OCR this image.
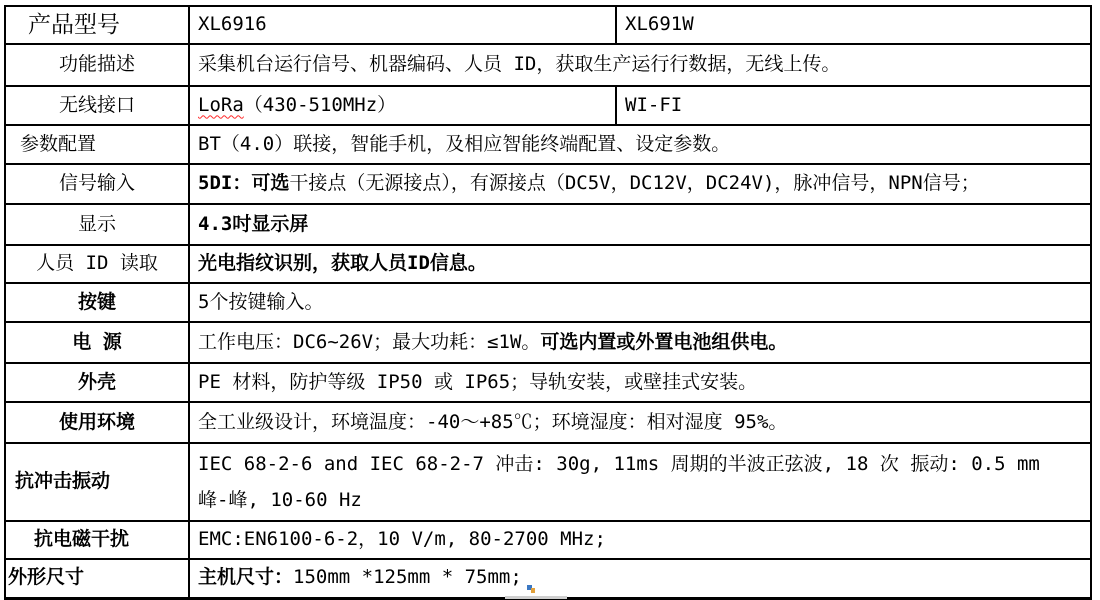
产品型号	XL6916	XL691W
功能描述	采集机台运行信号、机器编码、人员 ID，获取生产运行行数据，无线上传。	
无线接口	LoRa（430-510MHz）	WI-FI
参数配置	BT（4.0）联接，智能手机，及相应智能终端配置、设定参数。	
信号输入	5DI：可选干接点（无源接点），有源接点（DC5V，DC12V，DC24V)，脉冲信号，NPN信号；	
显示	4.3吋显示屏	
人员 ID 读取	光电指纹识别，获取人员ID信息。	
按键	5个按键输入。	
电 源	工作电压：DC6~26V；最大功耗：≤1W。可选内置或外置电池组供电。	
外壳	PE 材料，防护等级 IP50 或 IP65；导轨安装，或壁挂式安装。	
使用环境	全工业级设计，环境温度：-40～+85℃；环境湿度：相对湿度 95%。	
抗冲击振动	IEC 68-2-6 and IEC 68-2-7 冲击: 30g, 11ms 周期的半波正弦波, 18 次 振动: 0.5 mm
峰-峰, 10-60 Hz	

抗电磁干扰	EMC:EN6100-6-2，10 V/m, 80-2700 MHz;	
外形尺寸	主机尺寸：150mm *125mm * 75mm;	
